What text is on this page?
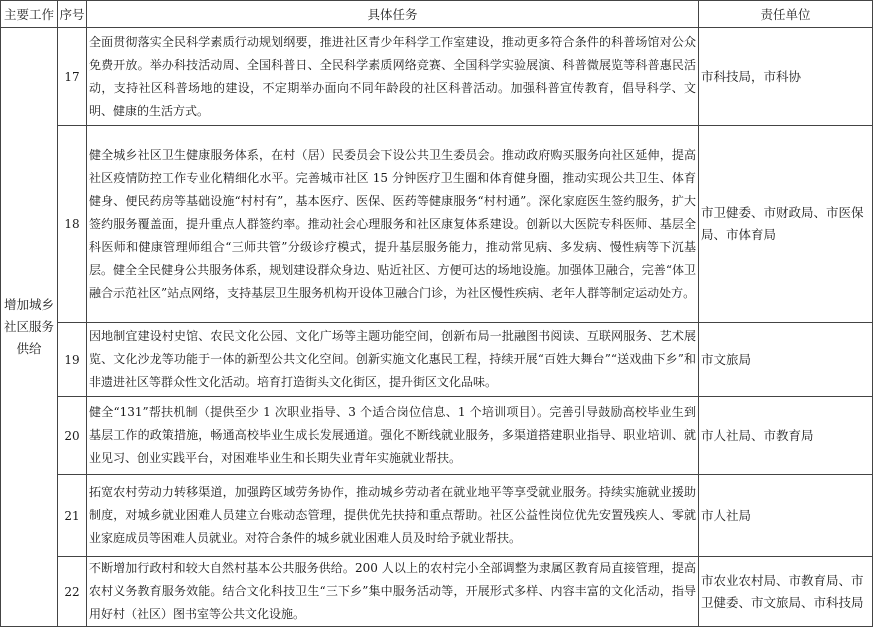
主要工作	序号	具体任务	责任单位
增加城乡社区服务供给	17	全面贯彻落实全民科学素质行动规划纲要，推进社区青少年科学工作室建设，推动更多符合条件的科普场馆对公众免费开放。举办科技活动周、全国科普日、全民科学素质网络竞赛、全国科学实验展演、科普微展览等科普惠民活动，支持社区科普场地的建设，不定期举办面向不同年龄段的社区科普活动。加强科普宣传教育，倡导科学、文明、健康的生活方式。	市科技局，市科协
	18	健全城乡社区卫生健康服务体系，在村（居）民委员会下设公共卫生委员会。推动政府购买服务向社区延伸，提高社区疫情防控工作专业化精细化水平。完善城市社区 15 分钟医疗卫生圈和体育健身圈，推动实现公共卫生、体育健身、便民药房等基础设施“村村有”，基本医疗、医保、医药等健康服务“村村通”。深化家庭医生签约服务，扩大签约服务覆盖面，提升重点人群签约率。推动社会心理服务和社区康复体系建设。创新以大医院专科医师、基层全科医师和健康管理师组合“三师共管”分级诊疗模式，提升基层服务能力，推动常见病、多发病、慢性病等下沉基层。健全全民健身公共服务体系，规划建设群众身边、贴近社区、方便可达的场地设施。加强体卫融合，完善“体卫融合示范社区”站点网络，支持基层卫生服务机构开设体卫融合门诊，为社区慢性疾病、老年人群等制定运动处方。	市卫健委、市财政局、市医保局、市体育局
	19	因地制宜建设村史馆、农民文化公园、文化广场等主题功能空间，创新布局一批融图书阅读、互联网服务、艺术展览、文化沙龙等功能于一体的新型公共文化空间。创新实施文化惠民工程，持续开展“百姓大舞台”“送戏曲下乡”和非遗进社区等群众性文化活动。培育打造街头文化街区，提升街区文化品味。	市文旅局
	20	健全“131”帮扶机制（提供至少 1 次职业指导、3 个适合岗位信息、1 个培训项目）。完善引导鼓励高校毕业生到基层工作的政策措施，畅通高校毕业生成长发展通道。强化不断线就业服务，多渠道搭建职业指导、职业培训、就业见习、创业实践平台，对困难毕业生和长期失业青年实施就业帮扶。	市人社局、市教育局
	21	拓宽农村劳动力转移渠道，加强跨区域劳务协作，推动城乡劳动者在就业地平等享受就业服务。持续实施就业援助制度，对城乡就业困难人员建立台账动态管理，提供优先扶持和重点帮助。社区公益性岗位优先安置残疾人、零就业家庭成员等困难人员就业。对符合条件的城乡就业困难人员及时给予就业帮扶。	市人社局
	22	不断增加行政村和较大自然村基本公共服务供给。200 人以上的农村完小全部调整为隶属区教育局直接管理，提高农村义务教育服务效能。结合文化科技卫生“三下乡”集中服务活动等，开展形式多样、内容丰富的文化活动，指导用好村（社区）图书室等公共文化设施。	市农业农村局、市教育局、市卫健委、市文旅局、市科技局
